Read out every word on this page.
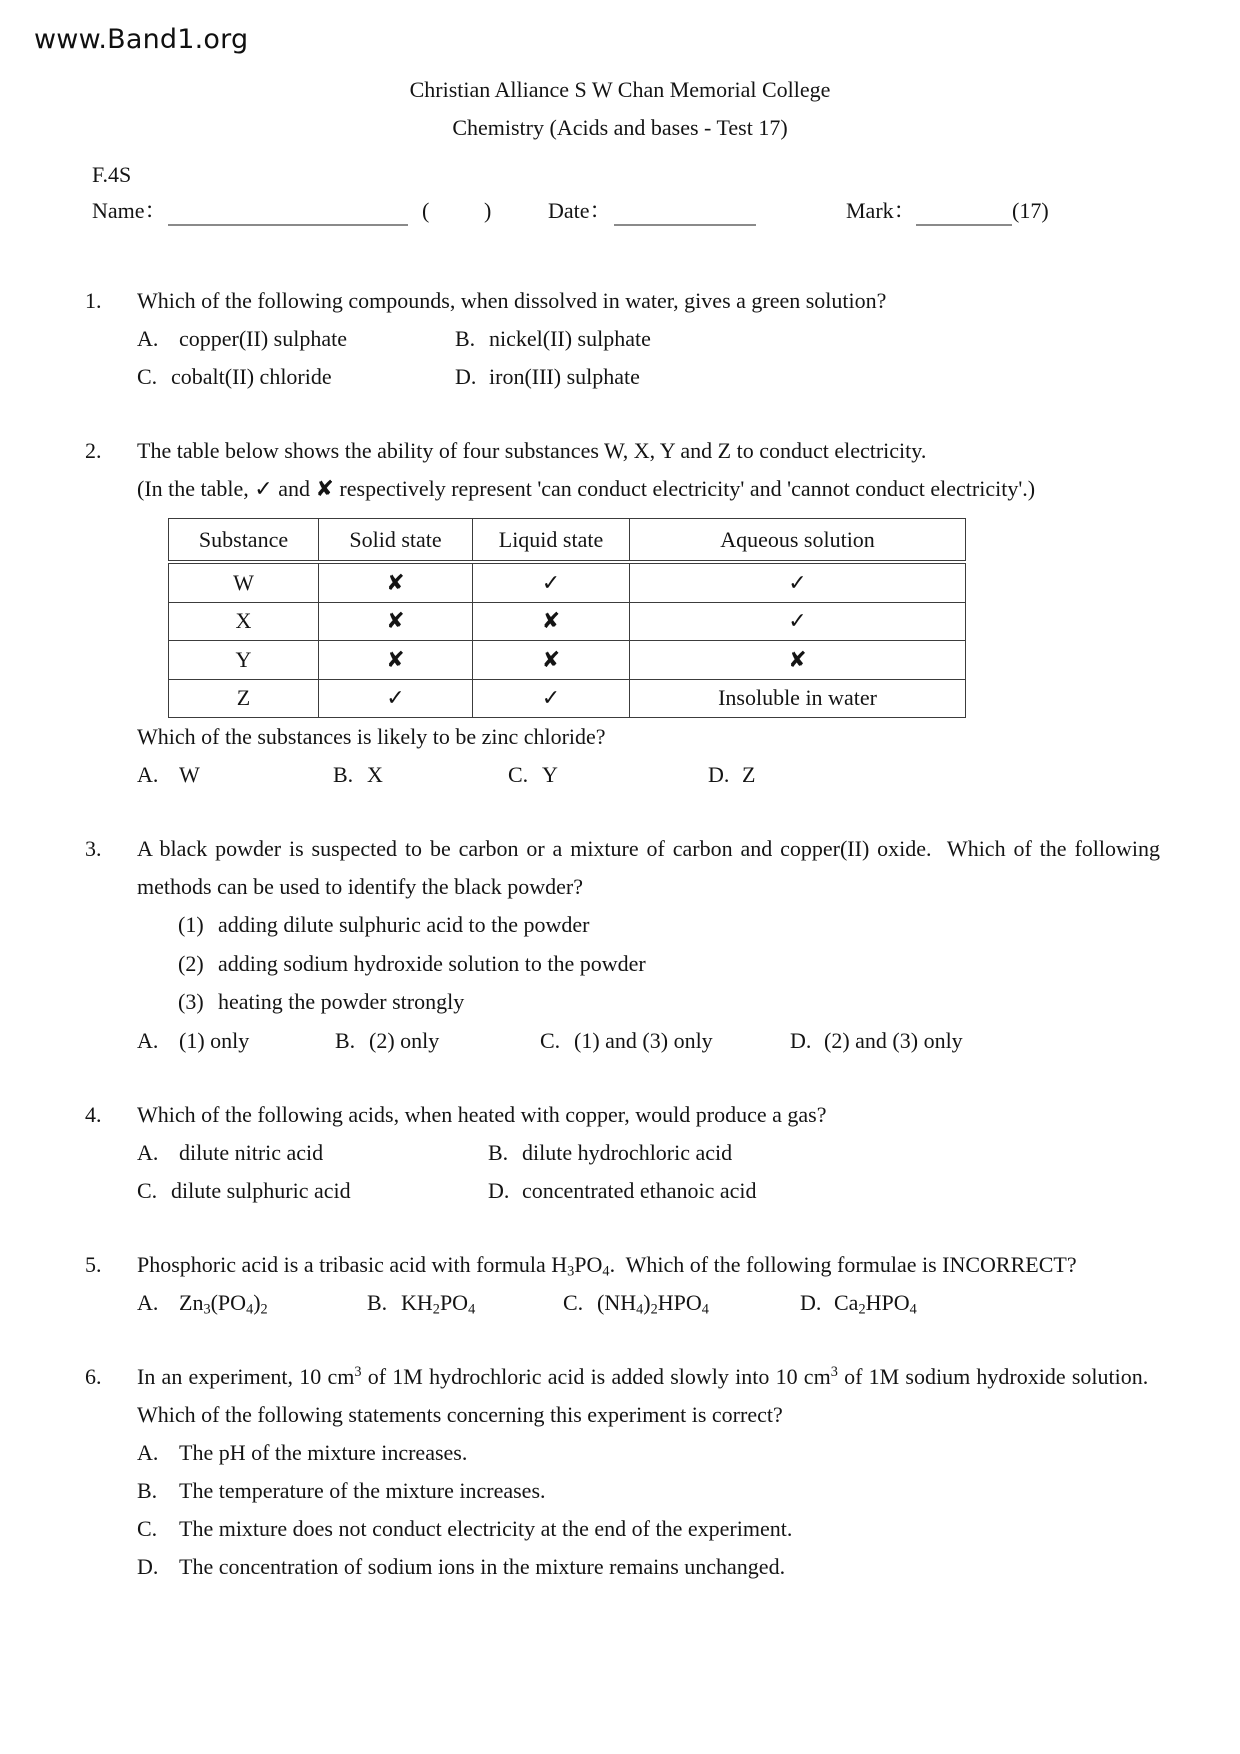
www.Band1.org

Christian Alliance S W Chan Memorial College

Chemistry (Acids and bases - Test 17)

F.4S
Name：	( )	Date：	Mark：	(17)
1.	Which of the following compounds, when dissolved in water, gives a green solution?

A. copper(II) sulphate	B. nickel(II) sulphate
C. cobalt(II) chloride	D. iron(III) sulphate
2.	The table below shows the ability of four substances W, X, Y and Z to conduct electricity.

(In the table, ✓ and ✘ respectively represent 'can conduct electricity' and 'cannot conduct electricity'.)

Substance	Solid state	Liquid state	Aqueous solution
W	✘	✓	✓
X	✘	✘	✓
Y	✘	✘	✘
Z	✓	✓	Insoluble in water

Which of the substances is likely to be zinc chloride?

A. W	B. X	C. Y	D. Z
3.	A black powder is suspected to be carbon or a mixture of carbon and copper(II) oxide.  Which of the following methods can be used to identify the black powder?

(1) adding dilute sulphuric acid to the powder
(2) adding sodium hydroxide solution to the powder
(3) heating the powder strongly
A. (1) only	B. (2) only	C. (1) and (3) only	D. (2) and (3) only
4.	Which of the following acids, when heated with copper, would produce a gas?

A. dilute nitric acid	B. dilute hydrochloric acid
C. dilute sulphuric acid	D. concentrated ethanoic acid
5.	Phosphoric acid is a tribasic acid with formula $H_3PO_4$.  Which of the following formulae is INCORRECT?

A. $Zn_3(PO_4)_2$	B. $KH_2PO_4$	C. $(NH_4)_2HPO_4$	D. $Ca_2HPO_4$
6.	In an experiment, 10 $cm^3$ of 1M hydrochloric acid is added slowly into 10 $cm^3$ of 1M sodium hydroxide solution.   Which of the following statements concerning this experiment is correct?

A. The pH of the mixture increases.
B. The temperature of the mixture increases.
C. The mixture does not conduct electricity at the end of the experiment.
D. The concentration of sodium ions in the mixture remains unchanged.
